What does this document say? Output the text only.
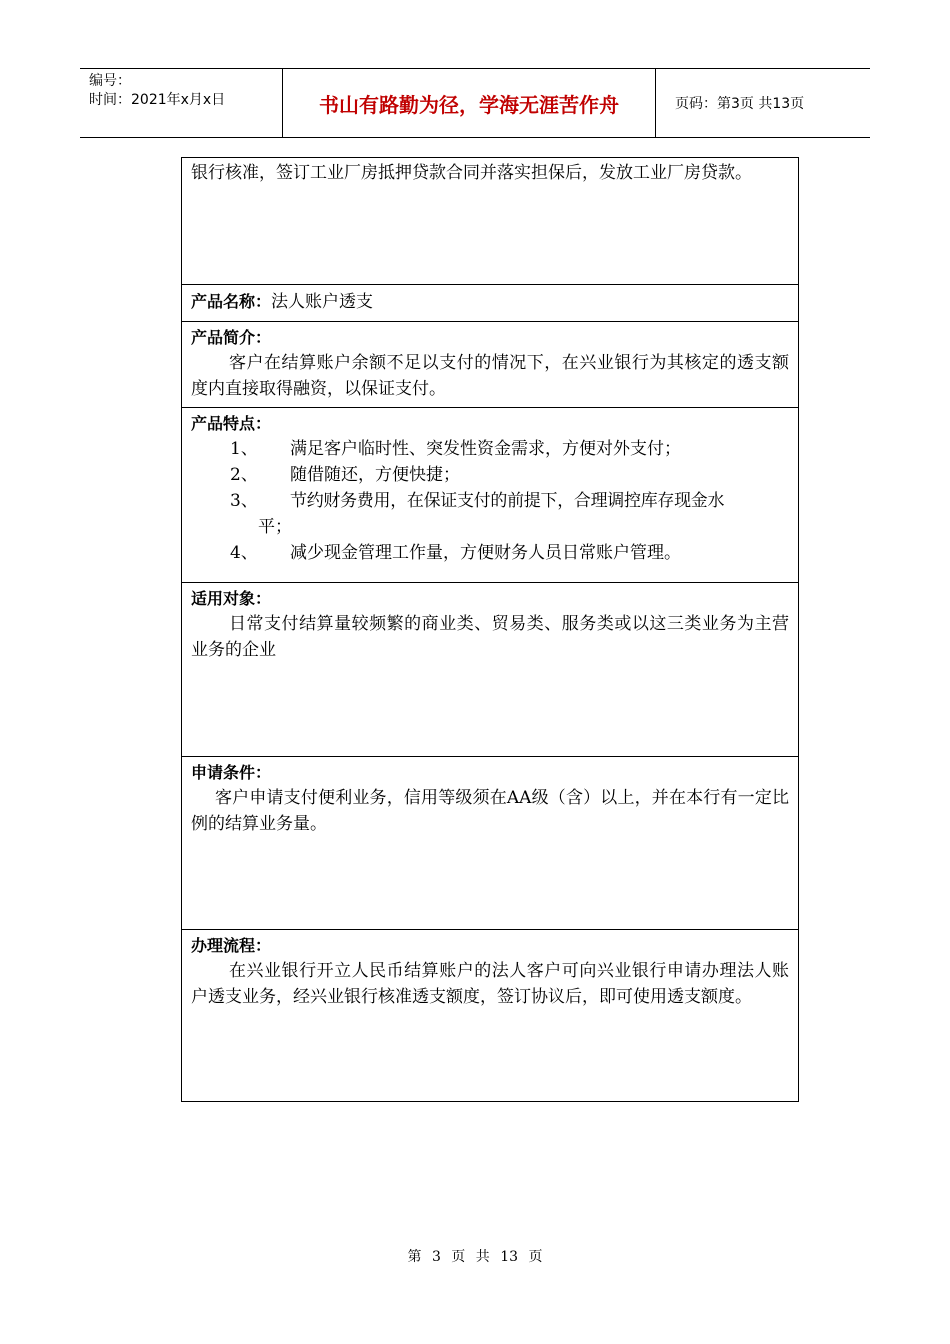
编号：
时间：2021年x月x日	书山有路勤为径，学海无涯苦作舟	页码：第3页 共13页
银行核准，签订工业厂房抵押贷款合同并落实担保后，发放工业厂房贷款。
产品名称：法人账户透支
产品简介：
客户在结算账户余额不足以支付的情况下，在兴业银行为其核定的透支额度内直接取得融资，以保证支付。
产品特点：
1、	满足客户临时性、突发性资金需求，方便对外支付；
2、	随借随还，方便快捷；
3、	节约财务费用，在保证支付的前提下，合理调控库存现金水
平；
4、	减少现金管理工作量，方便财务人员日常账户管理。
适用对象：
日常支付结算量较频繁的商业类、贸易类、服务类或以这三类业务为主营业务的企业
申请条件：
客户申请支付便利业务，信用等级须在AA级（含）以上，并在本行有一定比例的结算业务量。
办理流程：
在兴业银行开立人民币结算账户的法人客户可向兴业银行申请办理法人账户透支业务，经兴业银行核准透支额度，签订协议后，即可使用透支额度。
第 3 页 共 13 页
